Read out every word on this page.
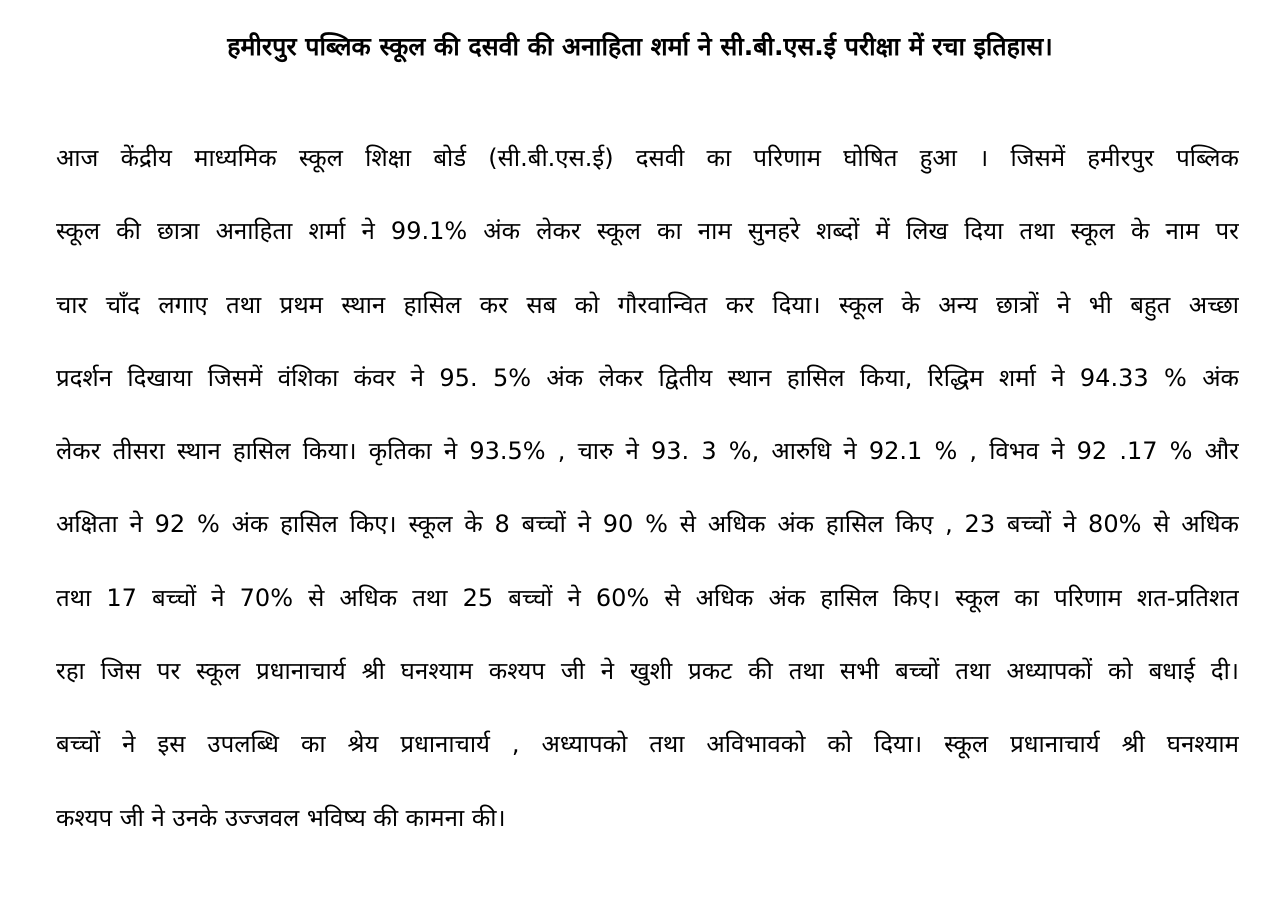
हमीरपुर पब्लिक स्कूल की दसवी की अनाहिता शर्मा ने सी.बी.एस.ई परीक्षा में रचा इतिहास।
आज केंद्रीय माध्यमिक स्कूल शिक्षा बोर्ड (सी.बी.एस.ई) दसवी का परिणाम घोषित हुआ । जिसमें हमीरपुर पब्लिक
स्कूल की छात्रा अनाहिता शर्मा ने 99.1% अंक लेकर स्कूल का नाम सुनहरे शब्दों में लिख दिया तथा स्कूल के नाम पर
चार चाँद लगाए तथा प्रथम स्थान हासिल कर सब को गौरवान्वित कर दिया। स्कूल के अन्य छात्रों ने भी बहुत अच्छा
प्रदर्शन दिखाया जिसमें वंशिका कंवर ने 95. 5% अंक लेकर द्वितीय स्थान हासिल किया, रिद्धिम शर्मा ने 94.33 % अंक
लेकर तीसरा स्थान हासिल किया। कृतिका ने 93.5% , चारु ने 93. 3 %, आरुधि ने 92.1 % , विभव ने 92 .17 % और
अक्षिता ने 92 % अंक हासिल किए। स्कूल के 8 बच्चों ने 90 % से अधिक अंक हासिल किए , 23 बच्चों ने 80% से अधिक
तथा 17 बच्चों ने 70% से अधिक तथा 25 बच्चों ने 60% से अधिक अंक हासिल किए। स्कूल का परिणाम शत-प्रतिशत
रहा जिस पर स्कूल प्रधानाचार्य श्री घनश्याम कश्यप जी ने खुशी प्रकट की तथा सभी बच्चों तथा अध्यापकों को बधाई दी।
बच्चों ने इस उपलब्धि का श्रेय प्रधानाचार्य , अध्यापको तथा अविभावको को दिया। स्कूल प्रधानाचार्य श्री घनश्याम
कश्यप जी ने उनके उज्जवल भविष्य की कामना की।
